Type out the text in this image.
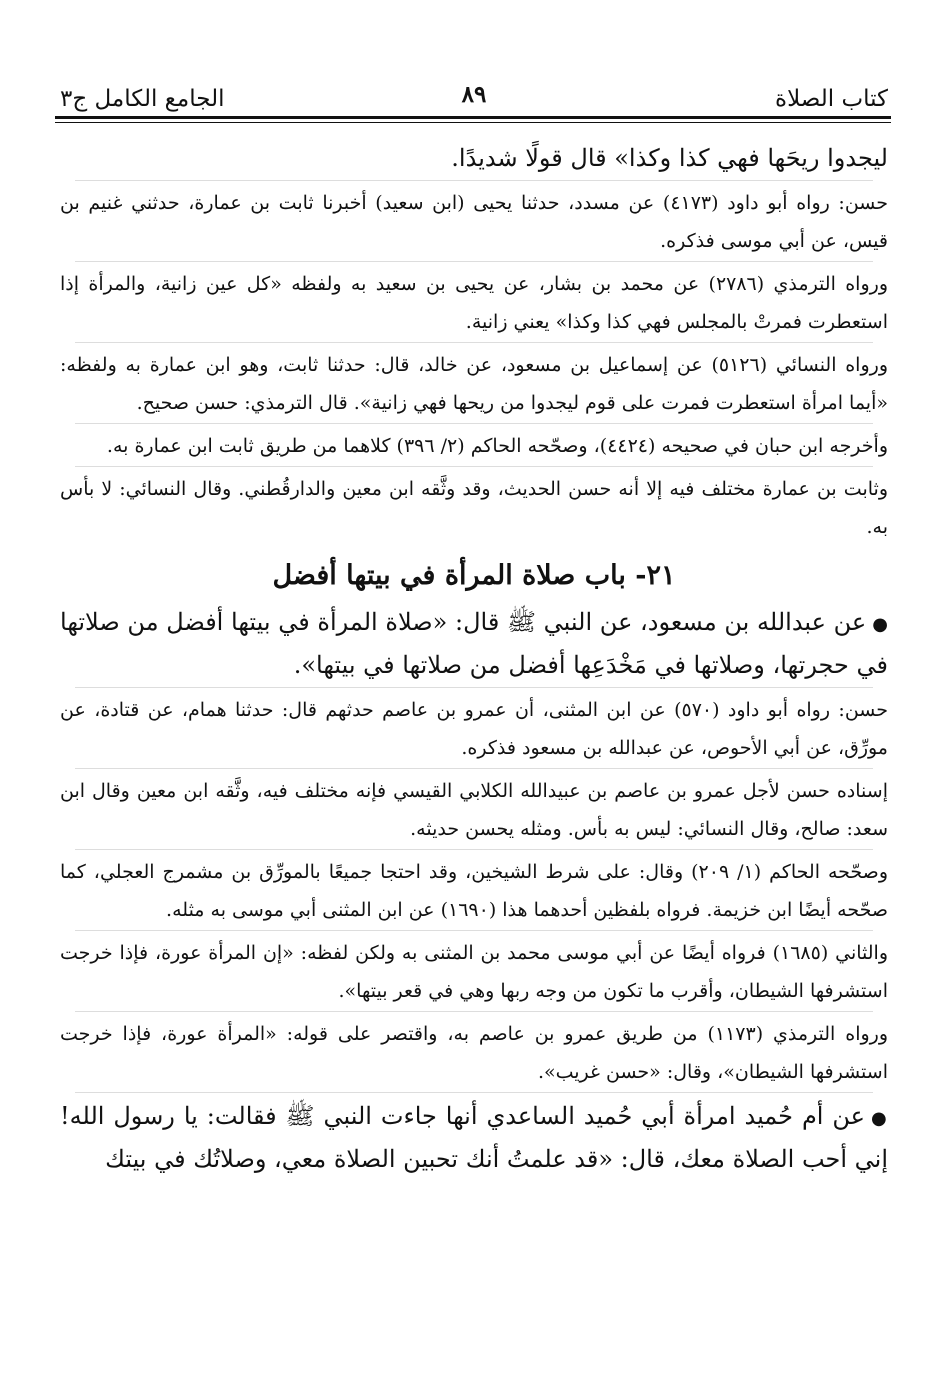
كتاب الصلاة
٨٩
الجامع الكامل ج٣

ليجدوا ريحَها فهي كذا وكذا» قال قولًا شديدًا.

حسن: رواه أبو داود (٤١٧٣) عن مسدد، حدثنا يحيى (ابن سعيد) أخبرنا ثابت بن عمارة، حدثني غنيم بن قيس، عن أبي موسى فذكره.

ورواه الترمذي (٢٧٨٦) عن محمد بن بشار، عن يحيى بن سعيد به ولفظه «كل عين زانية، والمرأة إذا استعطرت فمرتْ بالمجلس فهي كذا وكذا» يعني زانية.

ورواه النسائي (٥١٢٦) عن إسماعيل بن مسعود، عن خالد، قال: حدثنا ثابت، وهو ابن عمارة به ولفظه: «أيما امرأة استعطرت فمرت على قوم ليجدوا من ريحها فهي زانية». قال الترمذي: حسن صحيح.

وأخرجه ابن حبان في صحيحه (٤٤٢٤)، وصحّحه الحاكم (٢/ ٣٩٦) كلاهما من طريق ثابت ابن عمارة به.

وثابت بن عمارة مختلف فيه إلا أنه حسن الحديث، وقد وثَّقه ابن معين والدارقُطني. وقال النسائي: لا بأس به.

٢١- باب صلاة المرأة في بيتها أفضل

●عن عبدالله بن مسعود، عن النبي ﷺ قال: «صلاة المرأة في بيتها أفضل من صلاتها في حجرتها، وصلاتها في مَخْدَعِها أفضل من صلاتها في بيتها».

حسن: رواه أبو داود (٥٧٠) عن ابن المثنى، أن عمرو بن عاصم حدثهم قال: حدثنا همام، عن قتادة، عن مورِّق، عن أبي الأحوص، عن عبدالله بن مسعود فذكره.

إسناده حسن لأجل عمرو بن عاصم بن عبيدالله الكلابي القيسي فإنه مختلف فيه، وثَّقه ابن معين وقال ابن سعد: صالح، وقال النسائي: ليس به بأس. ومثله يحسن حديثه.

وصحّحه الحاكم (١/ ٢٠٩) وقال: على شرط الشيخين، وقد احتجا جميعًا بالمورِّق بن مشمرج العجلي، كما صحّحه أيضًا ابن خزيمة. فرواه بلفظين أحدهما هذا (١٦٩٠) عن ابن المثنى أبي موسى به مثله.

والثاني (١٦٨٥) فرواه أيضًا عن أبي موسى محمد بن المثنى به ولكن لفظه: «إن المرأة عورة، فإذا خرجت استشرفها الشيطان، وأقرب ما تكون من وجه ربها وهي في قعر بيتها».

ورواه الترمذي (١١٧٣) من طريق عمرو بن عاصم به، واقتصر على قوله: «المرأة عورة، فإذا خرجت استشرفها الشيطان»، وقال: «حسن غريب».

●عن أم حُميد امرأة أبي حُميد الساعدي أنها جاءت النبي ﷺ فقالت: يا رسول الله! إني أحب الصلاة معك، قال: «قد علمتُ أنك تحبين الصلاة معي، وصلاتُك في بيتك
